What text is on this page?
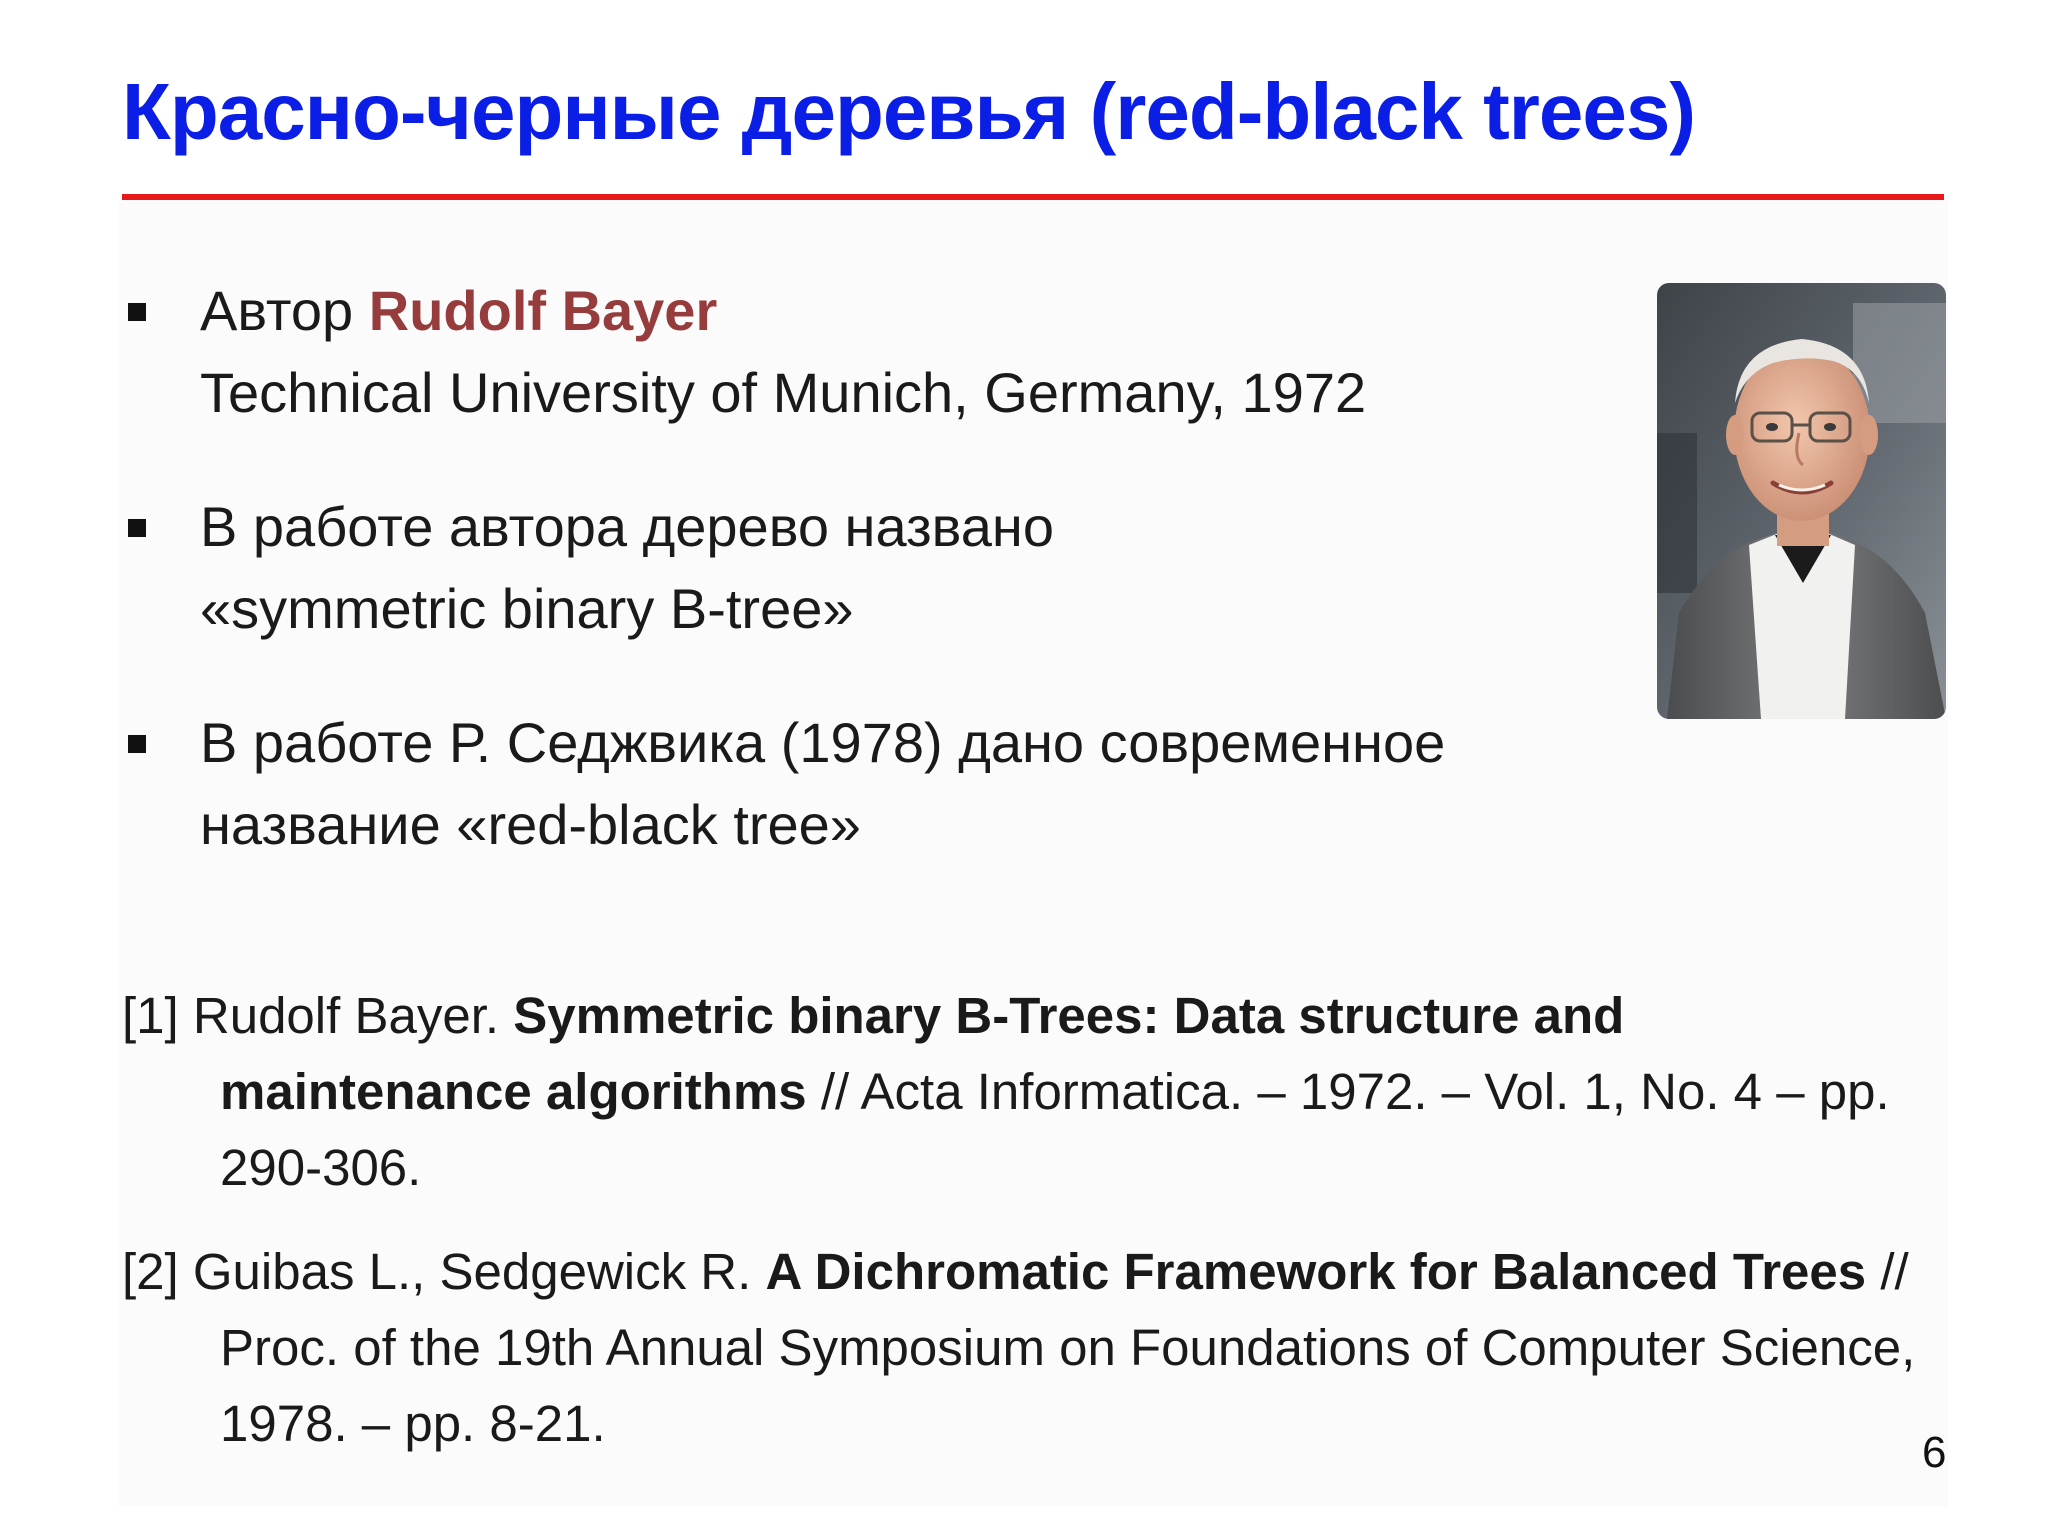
Красно-черные деревья (red-black trees)
Автор Rudolf Bayer
Technical University of Munich, Germany, 1972
В работе автора дерево названо
«symmetric binary B-tree»
В работе Р. Седжвика (1978) дано современное
название «red-black tree»
[1] Rudolf Bayer. Symmetric binary B-Trees: Data structure and maintenance algorithms // Acta Informatica. – 1972. – Vol. 1, No. 4 – pp. 290-306.
[2] Guibas L., Sedgewick R. A Dichromatic Framework for Balanced Trees // Proc. of the 19th Annual Symposium on Foundations of Computer Science, 1978. – pp. 8-21.
6
